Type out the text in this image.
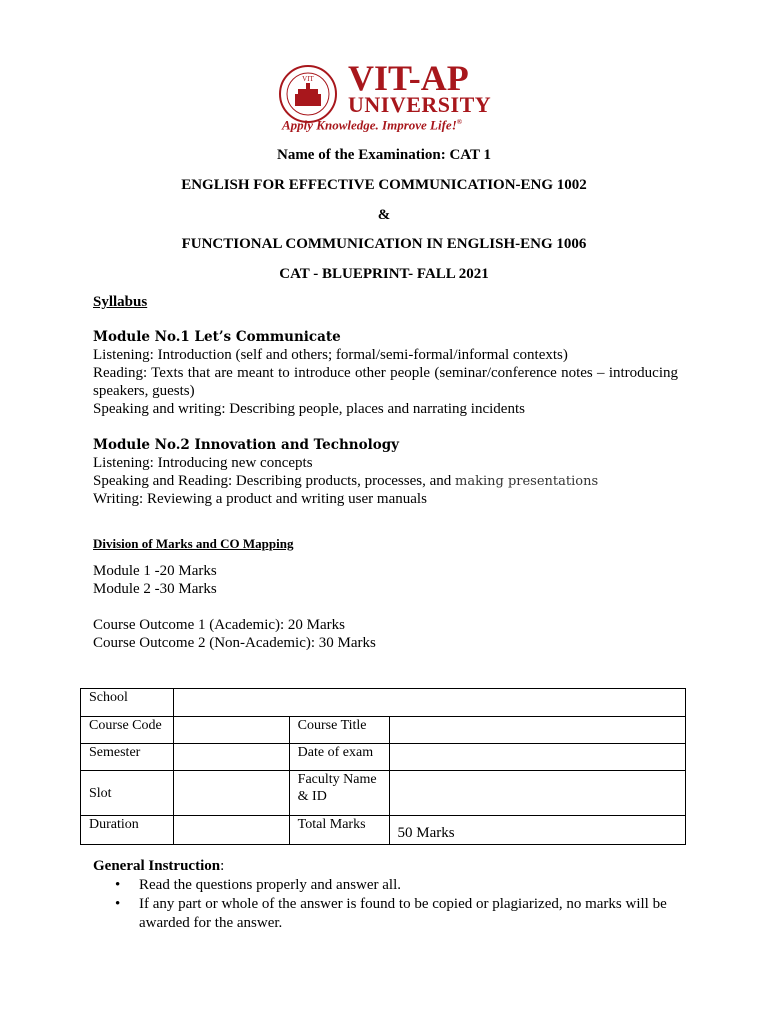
VIT VIT-AP
UNIVERSITY
Apply Knowledge. Improve Life!®
Name of the Examination: CAT 1
ENGLISH FOR EFFECTIVE COMMUNICATION-ENG 1002
&
FUNCTIONAL COMMUNICATION IN ENGLISH-ENG 1006
CAT - BLUEPRINT- FALL 2021
Syllabus
Module No.1 Let’s Communicate
Listening: Introduction (self and others; formal/semi-formal/informal contexts)
Reading: Texts that are meant to introduce other people (seminar/conference notes – introducing speakers, guests)
Speaking and writing: Describing people, places and narrating incidents
Module No.2 Innovation and Technology
Listening: Introducing new concepts
Speaking and Reading: Describing products, processes, and making presentations
Writing: Reviewing a product and writing user manuals
Division of Marks and CO Mapping
Module 1 -20 Marks
Module 2 -30 Marks
Course Outcome 1 (Academic): 20 Marks
Course Outcome 2 (Non-Academic): 30 Marks
School			
Course Code		Course Title	
Semester		Date of exam	
Slot		Faculty Name
& ID	
Duration		Total Marks	50 Marks
General Instruction:
• Read the questions properly and answer all.
• If any part or whole of the answer is found to be copied or plagiarized, no marks will be awarded for the answer.
